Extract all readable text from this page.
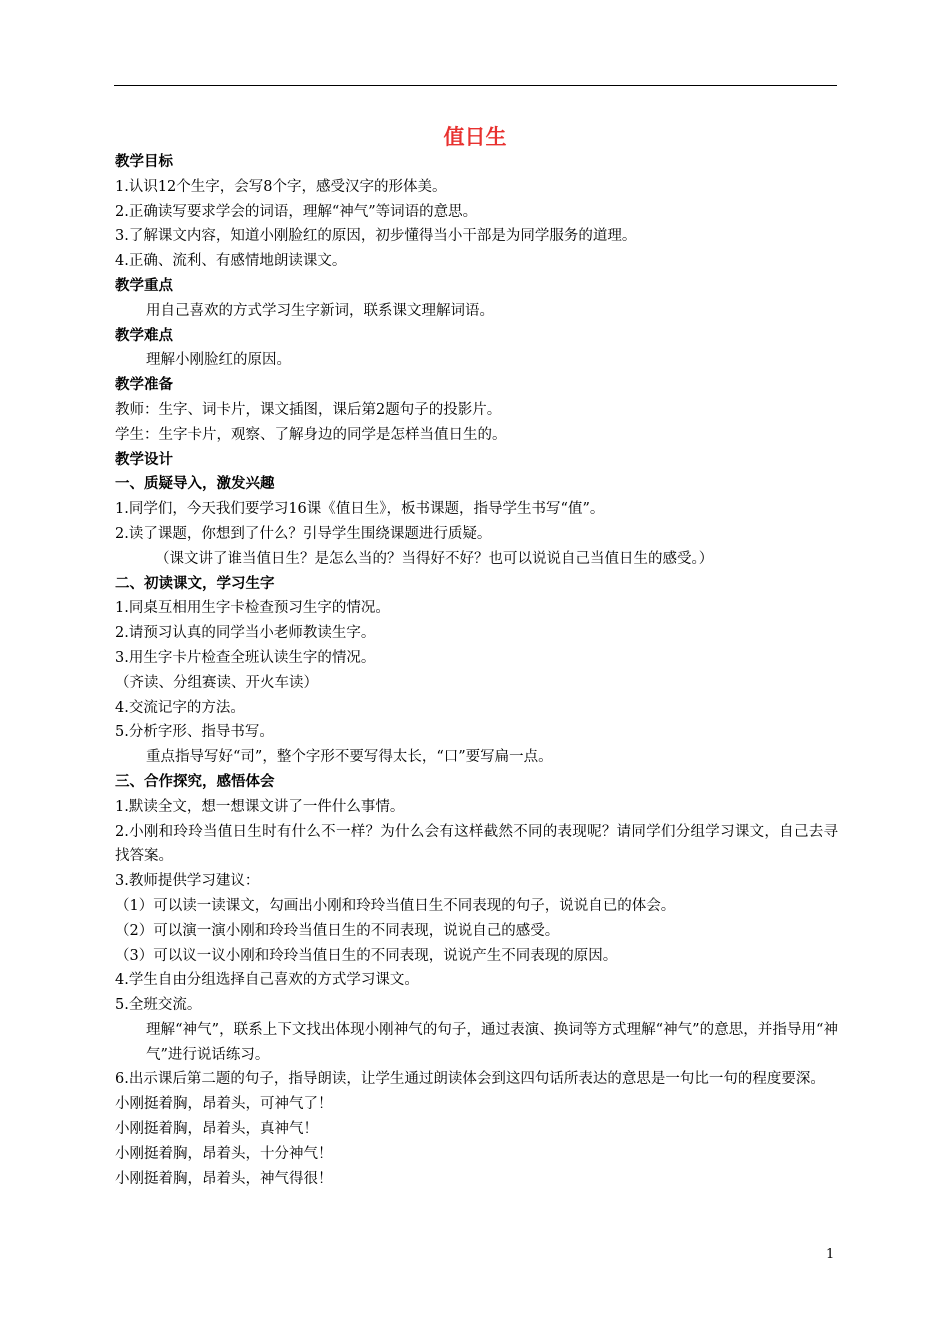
值日生
教学目标
1.认识12个生字，会写8个字，感受汉字的形体美。
2.正确读写要求学会的词语，理解“神气”等词语的意思。
3.了解课文内容，知道小刚脸红的原因，初步懂得当小干部是为同学服务的道理。
4.正确、流利、有感情地朗读课文。
教学重点
用自己喜欢的方式学习生字新词，联系课文理解词语。
教学难点
理解小刚脸红的原因。
教学准备
教师：生字、词卡片，课文插图，课后第2题句子的投影片。
学生：生字卡片，观察、了解身边的同学是怎样当值日生的。
教学设计
一、质疑导入，激发兴趣
1.同学们，今天我们要学习16课《值日生》，板书课题，指导学生书写“值”。
2.读了课题，你想到了什么？引导学生围绕课题进行质疑。
（课文讲了谁当值日生？是怎么当的？当得好不好？也可以说说自己当值日生的感受。）
二、初读课文，学习生字
1.同桌互相用生字卡检查预习生字的情况。
2.请预习认真的同学当小老师教读生字。
3.用生字卡片检查全班认读生字的情况。
（齐读、分组赛读、开火车读）
4.交流记字的方法。
5.分析字形、指导书写。
重点指导写好“司”，整个字形不要写得太长，“口”要写扁一点。
三、合作探究，感悟体会
1.默读全文，想一想课文讲了一件什么事情。
2.小刚和玲玲当值日生时有什么不一样？为什么会有这样截然不同的表现呢？请同学们分组学习课文，自己去寻找答案。
3.教师提供学习建议：
（1）可以读一读课文，勾画出小刚和玲玲当值日生不同表现的句子，说说自已的体会。
（2）可以演一演小刚和玲玲当值日生的不同表现，说说自己的感受。
（3）可以议一议小刚和玲玲当值日生的不同表现，说说产生不同表现的原因。
4.学生自由分组选择自己喜欢的方式学习课文。
5.全班交流。
理解“神气”，联系上下文找出体现小刚神气的句子，通过表演、换词等方式理解“神气”的意思，并指导用“神气”进行说话练习。
6.出示课后第二题的句子，指导朗读，让学生通过朗读体会到这四句话所表达的意思是一句比一句的程度要深。
小刚挺着胸，昂着头，可神气了！
小刚挺着胸，昂着头，真神气！
小刚挺着胸，昂着头，十分神气！
小刚挺着胸，昂着头，神气得很！
1
